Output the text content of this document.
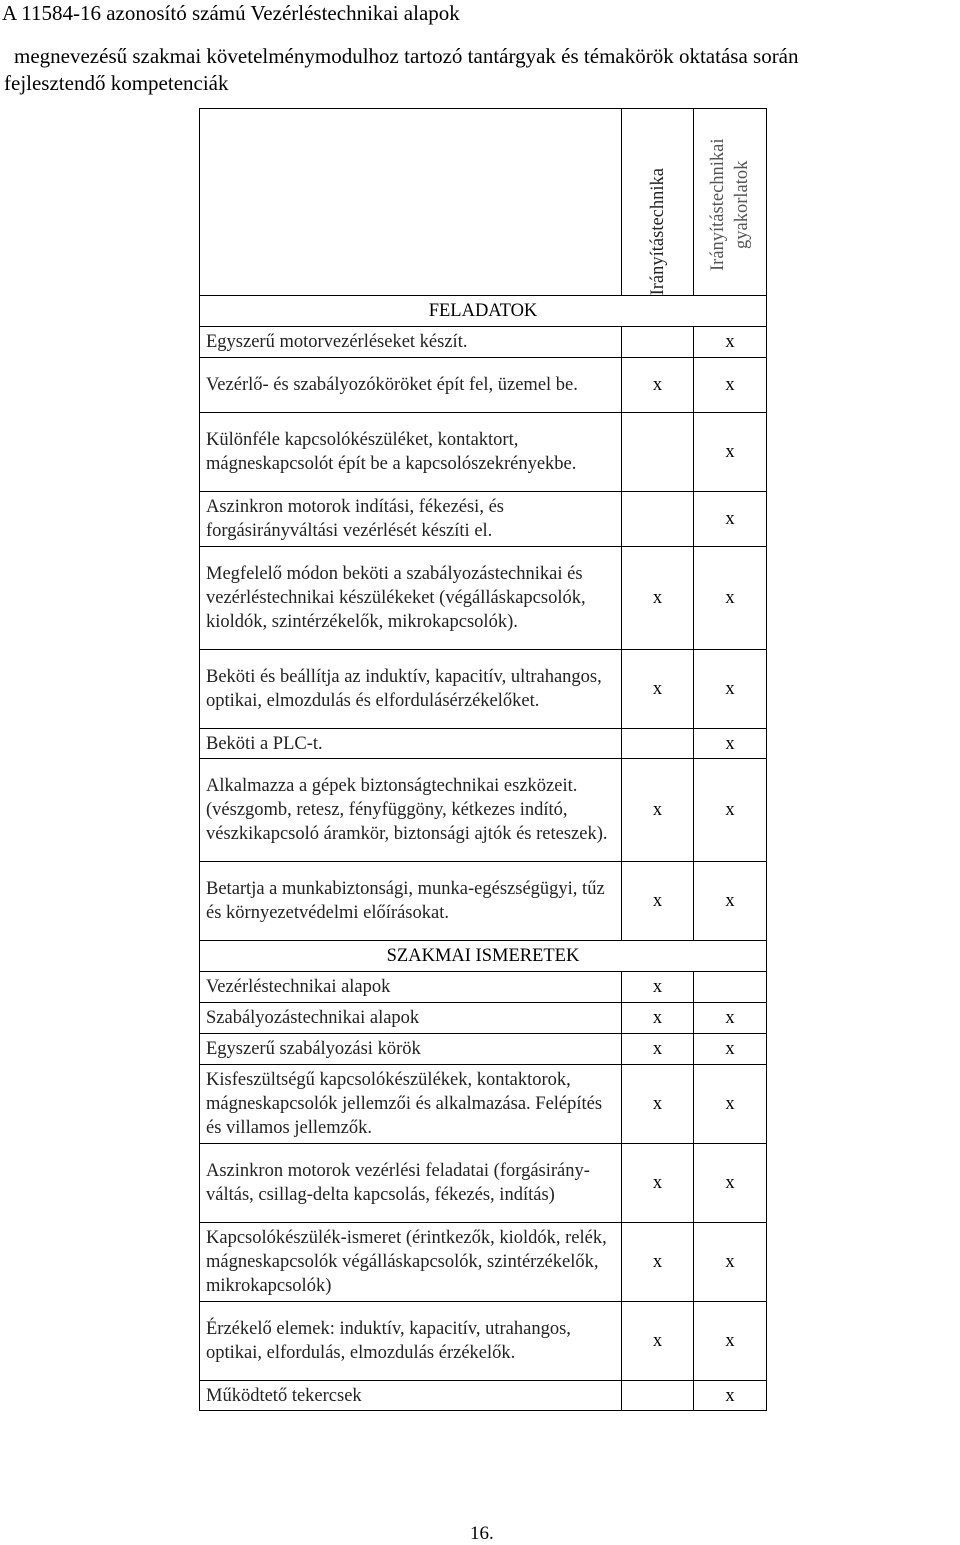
A 11584-16 azonosító számú Vezérléstechnikai alapok
megnevezésű szakmai követelménymodulhoz tartozó tantárgyak és témakörök oktatása során
fejlesztendő kompetenciák

	Irányítástechnika	Irányítástechnikai gyakorlatok

FELADATOK		
Egyszerű motorvezérléseket készít.		x
Vezérlő- és szabályozóköröket épít fel, üzemel be.	x	x
Különféle kapcsolókészüléket, kontaktort, mágneskapcsolót épít be a kapcsolószekrényekbe.		x
Aszinkron motorok indítási, fékezési, és forgásirányváltási vezérlését készíti el.		x
Megfelelő módon beköti a szabályozástechnikai és vezérléstechnikai készülékeket (végálláskapcsolók, kioldók, szintérzékelők, mikrokapcsolók).	x	x
Beköti és beállítja az induktív, kapacitív, ultrahangos, optikai, elmozdulás és elfordulásérzékelőket.	x	x
Beköti a PLC-t.		x
Alkalmazza a gépek biztonságtechnikai eszközeit. (vészgomb, retesz, fényfüggöny, kétkezes indító, vészkikapcsoló áramkör, biztonsági ajtók és reteszek).	x	x
Betartja a munkabiztonsági, munka-egészségügyi, tűz és környezetvédelmi előírásokat.	x	x
SZAKMAI ISMERETEK		
Vezérléstechnikai alapok	x	
Szabályozástechnikai alapok	x	x
Egyszerű szabályozási körök	x	x
Kisfeszültségű kapcsolókészülékek, kontaktorok, mágneskapcsolók jellemzői és alkalmazása. Felépítés és villamos jellemzők.	x	x
Aszinkron motorok vezérlési feladatai (forgásirány-váltás, csillag-delta kapcsolás, fékezés, indítás)	x	x
Kapcsolókészülék-ismeret (érintkezők, kioldók, relék, mágneskapcsolók végálláskapcsolók, szintérzékelők, mikrokapcsolók)	x	x
Érzékelő elemek: induktív, kapacitív, utrahangos, optikai, elfordulás, elmozdulás érzékelők.	x	x
Működtető tekercsek		x
16.
